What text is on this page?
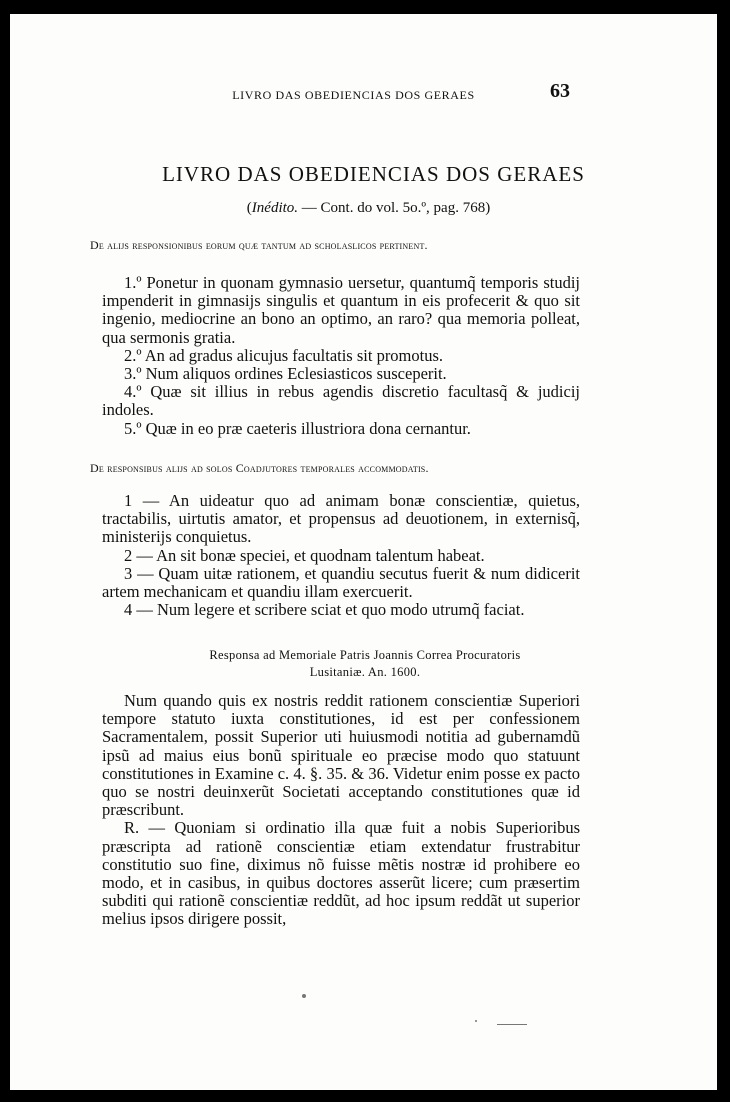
LIVRO DAS OBEDIENCIAS DOS GERAES	63
LIVRO DAS OBEDIENCIAS DOS GERAES
(Inédito. — Cont. do vol. 5o.º, pag. 768)
De alijs responsionibus eorum quæ tantum ad scholaslicos pertinent.

1.º Ponetur in quonam gymnasio uersetur, quantumq̃ temporis studij impenderit in gimnasijs singulis et quantum in eis profecerit & quo sit ingenio, mediocrine an bono an optimo, an raro? qua memoria polleat, qua sermonis gratia.

2.º An ad gradus alicujus facultatis sit promotus.

3.º Num aliquos ordines Eclesiasticos susceperit.

4.º Quæ sit illius in rebus agendis discretio facultasq̃ & judicij indoles.

5.º Quæ in eo præ caeteris illustriora dona cernantur.

De responsibus alijs ad solos Coadjutores temporales accommodatis.

1 — An uideatur quo ad animam bonæ conscientiæ, quietus, tractabilis, uirtutis amator, et propensus ad deuotionem, in externisq̃, ministerijs conquietus.

2 — An sit bonæ speciei, et quodnam talentum habeat.

3 — Quam uitæ rationem, et quandiu secutus fuerit & num didicerit artem mechanicam et quandiu illam exercuerit.

4 — Num legere et scribere sciat et quo modo utrumq̃ faciat.

Responsa ad Memoriale Patris Joannis Correa Procuratoris
Lusitaniæ. An. 1600.

Num quando quis ex nostris reddit rationem conscientiæ Superiori tempore statuto iuxta constitutiones, id est per confessionem Sacramentalem, possit Superior uti huiusmodi notitia ad gubernamdũ ipsũ ad maius eius bonũ spirituale eo præcise modo quo statuunt constitutiones in Examine c. 4. §. 35. & 36. Videtur enim posse ex pacto quo se nostri deuinxerũt Societati acceptando constitutiones quæ id præscribunt.

R. — Quoniam si ordinatio illa quæ fuit a nobis Superioribus præscripta ad rationẽ conscientiæ etiam extendatur frustrabitur constitutio suo fine, diximus nõ fuisse mẽtis nostræ id prohibere eo modo, et in casibus, in quibus doctores asserũt licere; cum præsertim subditi qui rationẽ conscientiæ reddũt, ad hoc ipsum reddãt ut superior melius ipsos dirigere possit,
